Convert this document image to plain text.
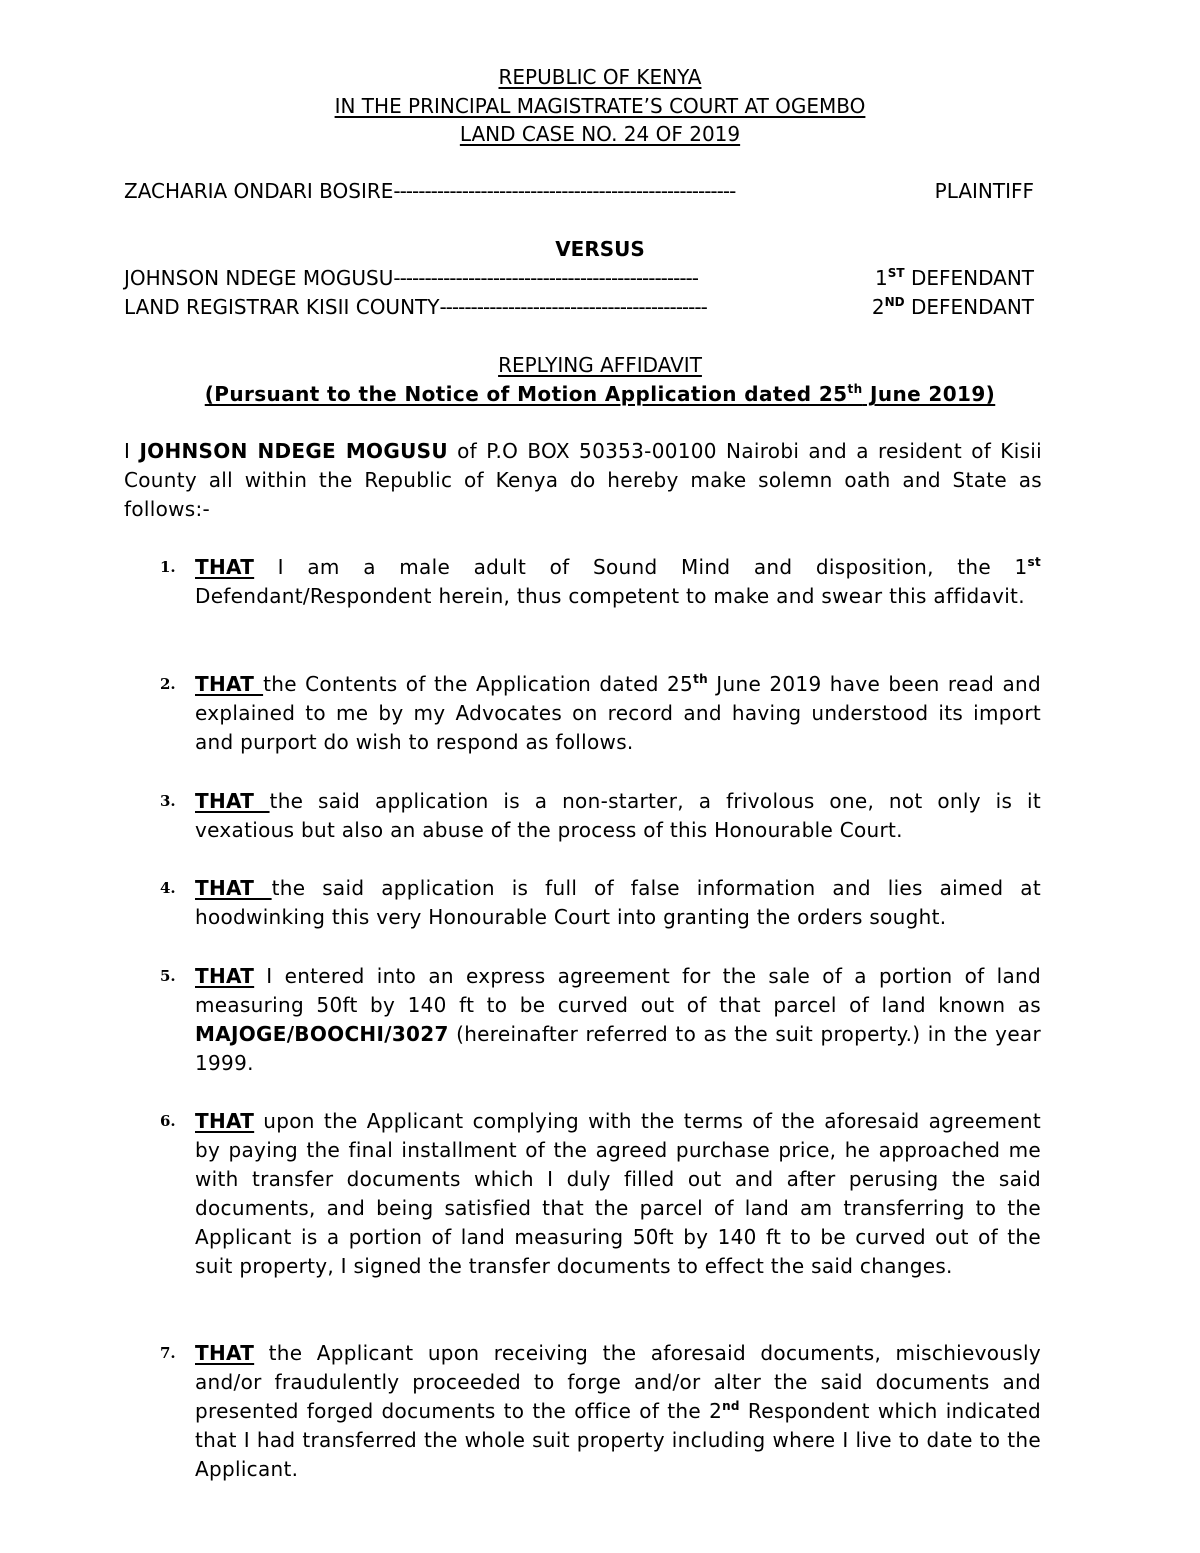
REPUBLIC OF KENYA
IN THE PRINCIPAL MAGISTRATE’S COURT AT OGEMBO
LAND CASE NO. 24 OF 2019
ZACHARIA ONDARI BOSIRE-------------------------------------------------------	PLAINTIFF
VERSUS
JOHNSON NDEGE MOGUSU-------------------------------------------------	1ST DEFENDANT
LAND REGISTRAR KISII COUNTY-------------------------------------------	2ND DEFENDANT
REPLYING AFFIDAVIT
(Pursuant to the Notice of Motion Application dated 25th June 2019)
I JOHNSON NDEGE MOGUSU of P.O BOX 50353-00100 Nairobi and a resident of Kisii County all within the Republic of Kenya do hereby make solemn oath and State as follows:-
1. THAT I am a male adult of Sound Mind and disposition, the 1st Defendant/Respondent herein, thus competent to make and swear this affidavit.
2. THAT the Contents of the Application dated 25th June 2019 have been read and explained to me by my Advocates on record and having understood its import and purport do wish to respond as follows.
3. THAT the said application is a non-starter, a frivolous one, not only is it vexatious but also an abuse of the process of this Honourable Court.
4. THAT the said application is full of false information and lies aimed at hoodwinking this very Honourable Court into granting the orders sought.
5. THAT I entered into an express agreement for the sale of a portion of land measuring 50ft by 140 ft to be curved out of that parcel of land known as MAJOGE/BOOCHI/3027 (hereinafter referred to as the suit property.) in the year 1999.
6. THAT upon the Applicant complying with the terms of the aforesaid agreement by paying the final installment of the agreed purchase price, he approached me with transfer documents which I duly filled out and after perusing the said documents, and being satisfied that the parcel of land am transferring to the Applicant is a portion of land measuring 50ft by 140 ft to be curved out of the suit property, I signed the transfer documents to effect the said changes.
7. THAT the Applicant upon receiving the aforesaid documents, mischievously and/or fraudulently proceeded to forge and/or alter the said documents and presented forged documents to the office of the 2nd Respondent which indicated that I had transferred the whole suit property including where I live to date to the Applicant.
